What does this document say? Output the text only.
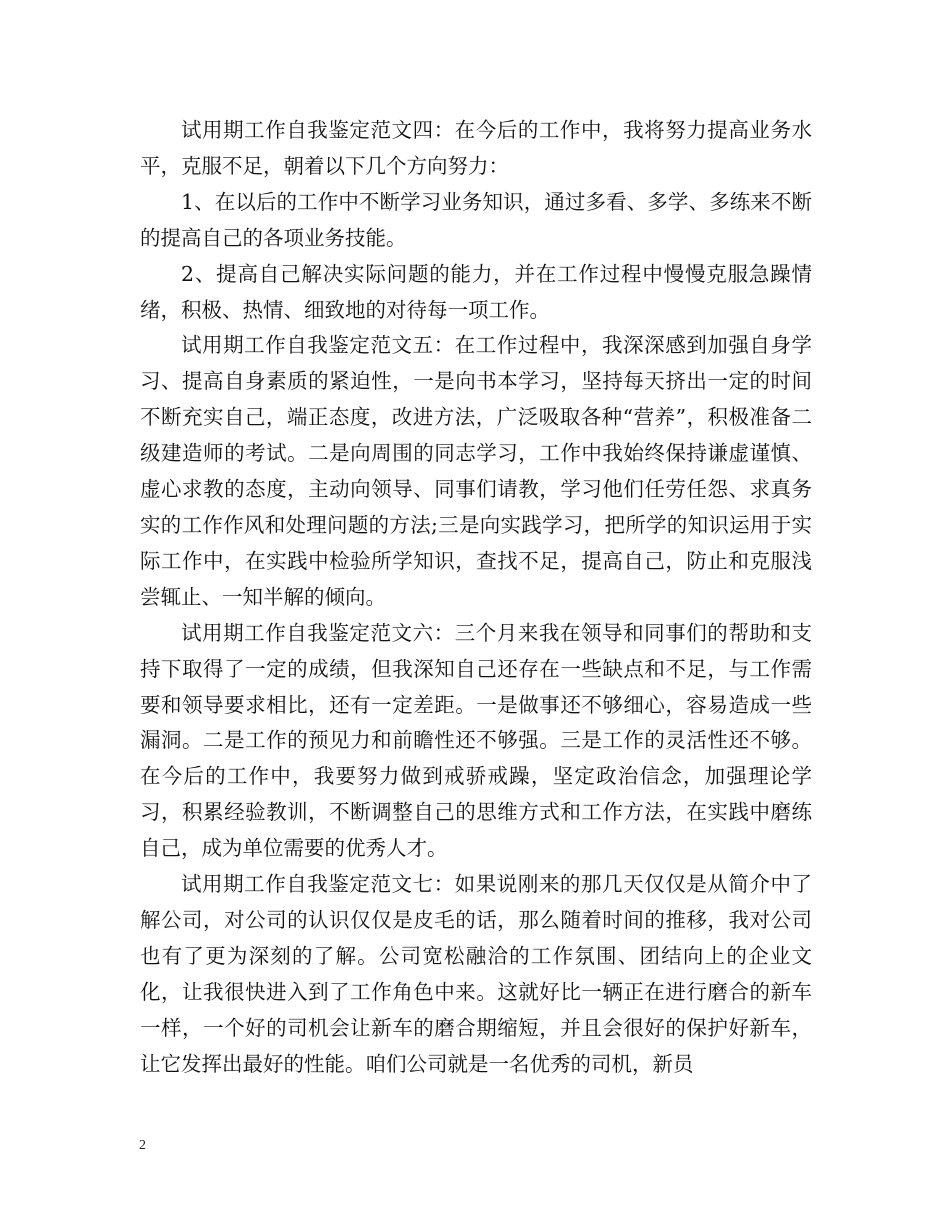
试用期工作自我鉴定范文四：在今后的工作中，我将努力提高业务水平，克服不足，朝着以下几个方向努力：

1、在以后的工作中不断学习业务知识，通过多看、多学、多练来不断的提高自己的各项业务技能。

2、提高自己解决实际问题的能力，并在工作过程中慢慢克服急躁情绪，积极、热情、细致地的对待每一项工作。

试用期工作自我鉴定范文五：在工作过程中，我深深感到加强自身学习、提高自身素质的紧迫性，一是向书本学习，坚持每天挤出一定的时间不断充实自己，端正态度，改进方法，广泛吸取各种“营养”，积极准备二级建造师的考试。二是向周围的同志学习，工作中我始终保持谦虚谨慎、虚心求教的态度，主动向领导、同事们请教，学习他们任劳任怨、求真务实的工作作风和处理问题的方法;三是向实践学习，把所学的知识运用于实际工作中，在实践中检验所学知识，查找不足，提高自己，防止和克服浅尝辄止、一知半解的倾向。

试用期工作自我鉴定范文六：三个月来我在领导和同事们的帮助和支持下取得了一定的成绩，但我深知自己还存在一些缺点和不足，与工作需要和领导要求相比，还有一定差距。一是做事还不够细心，容易造成一些漏洞。二是工作的预见力和前瞻性还不够强。三是工作的灵活性还不够。在今后的工作中，我要努力做到戒骄戒躁，坚定政治信念，加强理论学习，积累经验教训，不断调整自己的思维方式和工作方法，在实践中磨练自己，成为单位需要的优秀人才。

试用期工作自我鉴定范文七：如果说刚来的那几天仅仅是从简介中了解公司，对公司的认识仅仅是皮毛的话，那么随着时间的推移，我对公司也有了更为深刻的了解。公司宽松融洽的工作氛围、团结向上的企业文化，让我很快进入到了工作角色中来。这就好比一辆正在进行磨合的新车一样，一个好的司机会让新车的磨合期缩短，并且会很好的保护好新车，让它发挥出最好的性能。咱们公司就是一名优秀的司机，新员

2
